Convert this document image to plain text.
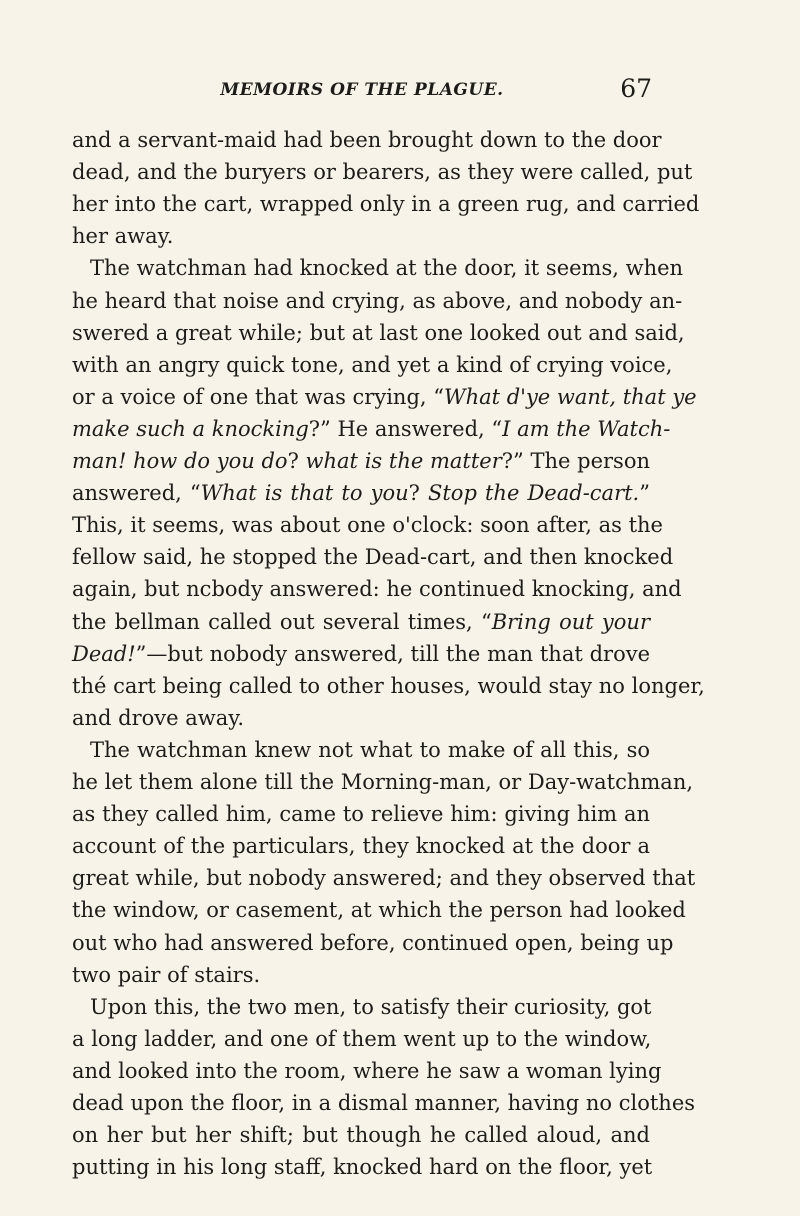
MEMOIRS OF THE PLAGUE.	67
and a servant-maid had been brought down to the door
dead, and the buryers or bearers, as they were called, put
her into the cart, wrapped only in a green rug, and carried
her away.
The watchman had knocked at the door, it seems, when
he heard that noise and crying, as above, and nobody an-
swered a great while; but at last one looked out and said,
with an angry quick tone, and yet a kind of crying voice,
or a voice of one that was crying, “What d'ye want, that ye
make such a knocking?” He answered, “I am the Watch-
man! how do you do? what is the matter?” The person
answered, “What is that to you? Stop the Dead-cart.”
This, it seems, was about one o'clock: soon after, as the
fellow said, he stopped the Dead-cart, and then knocked
again, but ncbody answered: he continued knocking, and
the bellman called out several times, “Bring out your
Dead!”—but nobody answered, till the man that drove
thé cart being called to other houses, would stay no longer,
and drove away.
The watchman knew not what to make of all this, so
he let them alone till the Morning-man, or Day-watchman,
as they called him, came to relieve him: giving him an
account of the particulars, they knocked at the door a
great while, but nobody answered; and they observed that
the window, or casement, at which the person had looked
out who had answered before, continued open, being up
two pair of stairs.
Upon this, the two men, to satisfy their curiosity, got
a long ladder, and one of them went up to the window,
and looked into the room, where he saw a woman lying
dead upon the floor, in a dismal manner, having no clothes
on her but her shift; but though he called aloud, and
putting in his long staff, knocked hard on the floor, yet
